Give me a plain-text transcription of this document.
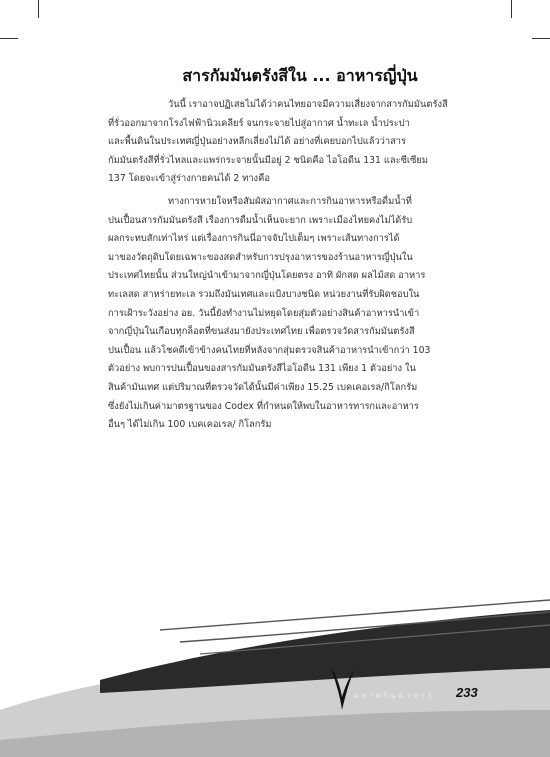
สารกัมมันตรังสีใน ... อาหารญี่ปุ่น
วันนี้ เราอาจปฏิเสธไม่ได้ว่าคนไทยอาจมีความเสี่ยงจากสารกัมมันตรังสี
ที่รั่วออกมาจากโรงไฟฟ้านิวเคลียร์ จนกระจายไปสู่อากาศ น้ำทะเล น้ำประปา
และพื้นดินในประเทศญี่ปุ่นอย่างหลีกเลี่ยงไม่ได้ อย่างที่เคยบอกไปแล้วว่าสาร
กัมมันตรังสีที่รั่วไหลและแพร่กระจายนั้นมีอยู่ 2 ชนิดคือ ไอโอดีน 131 และซีเซียม
137 โดยจะเข้าสู่ร่างกายคนได้ 2 ทางคือ
ทางการหายใจหรือสัมผัสอากาศและการกินอาหารหรือดื่มน้ำที่
ปนเปื้อนสารกัมมันตรังสี เรื่องการดื่มน้ำเห็นจะยาก เพราะเมืองไทยคงไม่ได้รับ
ผลกระทบสักเท่าไหร่ แต่เรื่องการกินนี่อาจจับไปเต็มๆ เพราะเส้นทางการได้
มาของวัตถุดิบโดยเฉพาะของสดสำหรับการปรุงอาหารของร้านอาหารญี่ปุ่นใน
ประเทศไทยนั้น ส่วนใหญ่นำเข้ามาจากญี่ปุ่นโดยตรง อาทิ ผักสด ผลไม้สด อาหาร
ทะเลสด สาหร่ายทะเล รวมถึงมันเทศและแป้งบางชนิด หน่วยงานที่รับผิดชอบใน
การเฝ้าระวังอย่าง อย. วันนี้ยังทำงานไม่หยุดโดยสุ่มตัวอย่างสินค้าอาหารนำเข้า
จากญี่ปุ่นในเกือบทุกล็อตที่ขนส่งมายังประเทศไทย เพื่อตรวจวัดสารกัมมันตรังสี
ปนเปื้อน แล้วโชคดีเข้าข้างคนไทยที่หลังจากสุ่มตรวจสินค้าอาหารนำเข้ากว่า 103
ตัวอย่าง พบการปนเปื้อนของสารกัมมันตรังสีไอโอดีน 131 เพียง 1 ตัวอย่าง ใน
สินค้ามันเทศ แต่ปริมาณที่ตรวจวัดได้นั้นมีค่าเพียง 15.25 เบคเคอเรล/กิโลกรัม
ซึ่งยังไม่เกินค่ามาตรฐานของ Codex ที่กำหนดให้พบในอาหารทารกและอาหาร
อื่นๆ ได้ไม่เกิน 100 เบคเคอเรล/ กิโลกรัม
ฉลาดกินอาหาร 233
